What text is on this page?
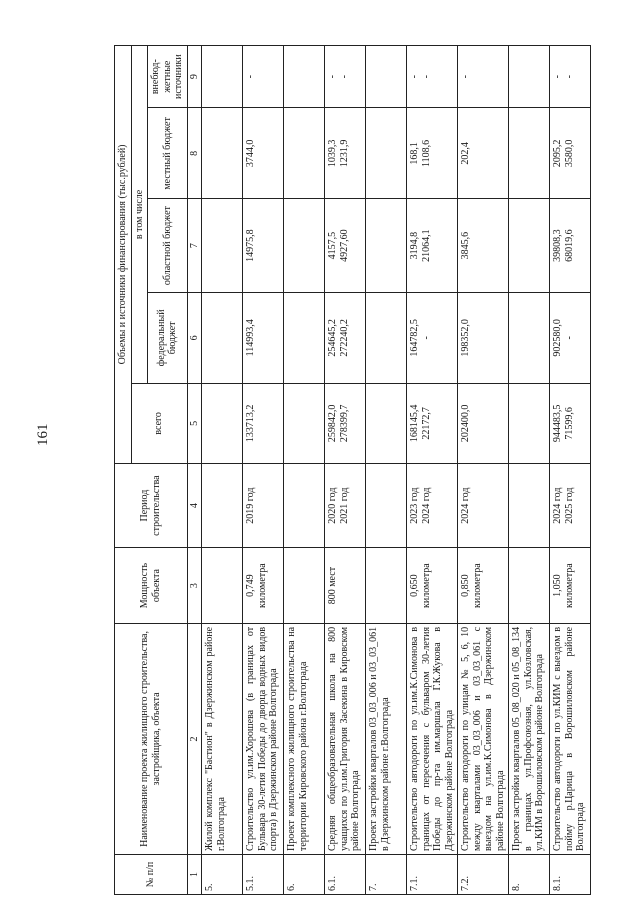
161
№ п/п	Наименование проекта жилищного строительства, застройщика, объекта	Мощность объекта	Период строительства	Объемы и источники финансирования (тыс.рублей)				
				всего	в том числе			
					федеральный бюджет	областной бюджет	местный бюджет	внебюд-жетные источники
1	2	3	4	5	6	7	8	9
5.	Жилой комплекс "Бастион" в Дзержинском районе г.Волгограда							
5.1.	Строительство ул.им.Хорошева (в границах от Бульвара 30-летия Победы до дворца водных видов спорта) в Дзержинском районе Волгограда	0,749 километра	2019 год	133713,2	114993,4	14975,8	3744,0	-

6.	Проект комплексного жилищного строительства на территории Кировского района г.Волгограда							
6.1.	Средняя общеобразовательная школа на 800 учащихся по ул.им.Григория Засекина в Кировском районе Волгограда	800 мест	2020 год 2021 год	259842,0 278399,7	254645,2 272240,2	4157,5 4927,60	1039,3 1231,9	- -

7.	Проект застройки кварталов 03_03_006 и 03_03_061 в Дзержинском районе г.Волгограда							
7.1.	Строительство автодороги по ул.им.К.Симонова в границах от пересечения с бульваром 30-летия Победы до пр-та им.маршала Г.К.Жукова в Дзержинском районе Волгограда	0,650 километра	2023 год 2024 год	168145,4 22172,7	164782,5 -	3194,8 21064,1	168,1 1108,6	- -

7.2.	Строительство автодороги по улицам № 5, 6, 10 между кварталами 03_03_006 и 03_03_061 с выездом на ул.им.К.Симонова в Дзержинском районе Волгограда	0,850 километра	2024 год	202400,0	198352,0	3845,6	202,4	-

8.	Проект застройки кварталов 05_08_020 и 05_08_134 в границах ул.Профсоюзная, ул.Козловская, ул.КИМ в Ворошиловском районе Волгограда							
8.1.	Строительство автодороги по ул.КИМ с выездом в пойму р.Царица в Ворошиловском районе Волгограда	1,050 километра	2024 год 2025 год	944483,5 71599,6	902580,0 -	39808,3 68019,6	2095,2 3580,0	- -
